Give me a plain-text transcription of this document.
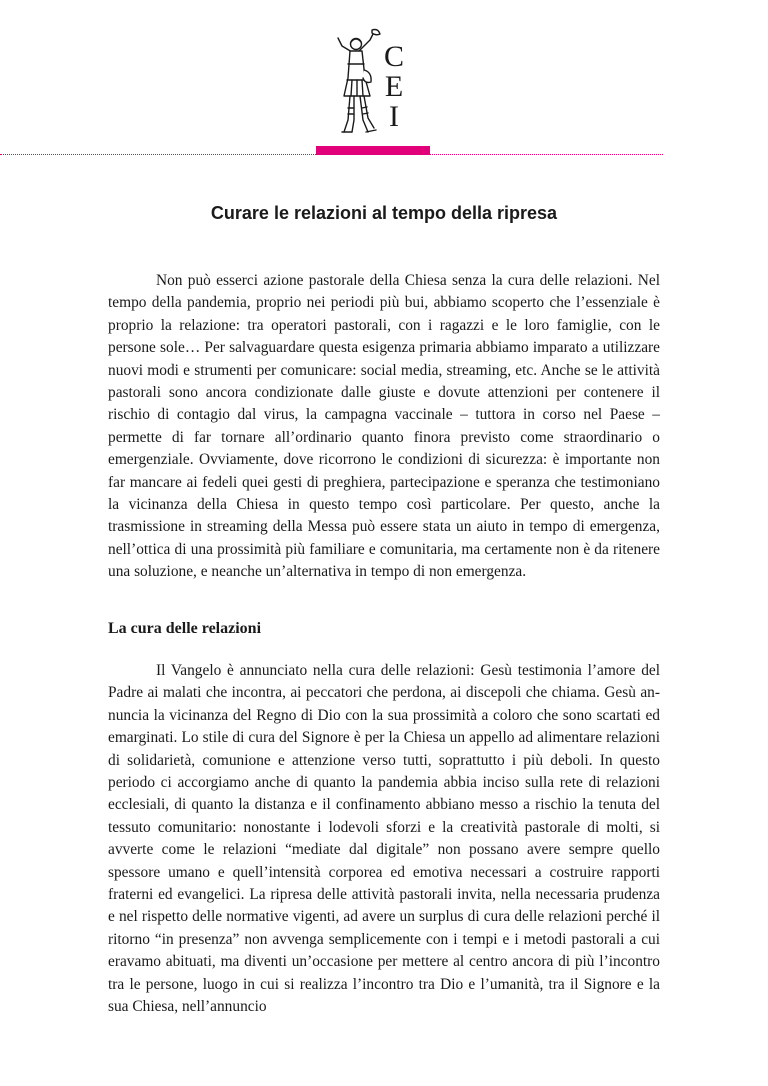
C
E
I
Curare le relazioni al tempo della ripresa

Non può esserci azione pastorale della Chiesa senza la cura delle relazioni. Nel tempo della pandemia, proprio nei periodi più bui, abbiamo scoperto che l’essenziale è proprio la relazione: tra operatori pastorali, con i ragazzi e le loro famiglie, con le persone sole… Per salvaguardare questa esigenza primaria abbiamo imparato a utilizzare nuovi modi e strumenti per comunicare: social media, streaming, etc. Anche se le attività pastorali sono ancora condizionate dalle giuste e dovute attenzioni per contenere il rischio di contagio dal virus, la campagna vaccinale – tuttora in corso nel Paese – permette di far tornare all’ordinario quanto finora previsto come straordinario o emergenziale. Ovviamente, dove ricorrono le condizioni di sicurezza: è importante non far mancare ai fedeli quei gesti di preghiera, partecipazione e speranza che testimoniano la vicinanza della Chiesa in questo tempo così particolare. Per questo, anche la trasmissione in streaming della Messa può essere stata un aiuto in tempo di emergenza, nell’ottica di una prossimità più familiare e comunitaria, ma certamente non è da ritenere una soluzione, e neanche un’alternativa in tempo di non emergenza.

La cura delle relazioni

Il Vangelo è annunciato nella cura delle relazioni: Gesù testimonia l’amore del Padre ai malati che incontra, ai peccatori che perdona, ai discepoli che chiama. Gesù annuncia la vicinanza del Regno di Dio con la sua prossimità a coloro che sono scartati ed emarginati. Lo stile di cura del Signore è per la Chiesa un appello ad alimentare relazioni di solidarietà, comunione e attenzione verso tutti, soprattutto i più deboli. In questo periodo ci accorgiamo anche di quanto la pandemia abbia inciso sulla rete di relazioni ecclesiali, di quanto la distanza e il confinamento abbiano messo a rischio la tenuta del tessuto comunitario: nonostante i lodevoli sforzi e la creatività pastorale di molti, si avverte come le relazioni “mediate dal digitale” non possano avere sempre quello spessore umano e quell’intensità corporea ed emotiva necessari a costruire rapporti fraterni ed evangelici. La ripresa delle attività pastorali invita, nella necessaria prudenza e nel rispetto delle normative vigenti, ad avere un surplus di cura delle relazioni perché il ritorno “in presenza” non avvenga semplicemente con i tempi e i metodi pastorali a cui eravamo abituati, ma diventi un’occasione per mettere al centro ancora di più l’incontro tra le persone, luogo in cui si realizza l’incontro tra Dio e l’umanità, tra il Signore e la sua Chiesa, nell’annuncio
